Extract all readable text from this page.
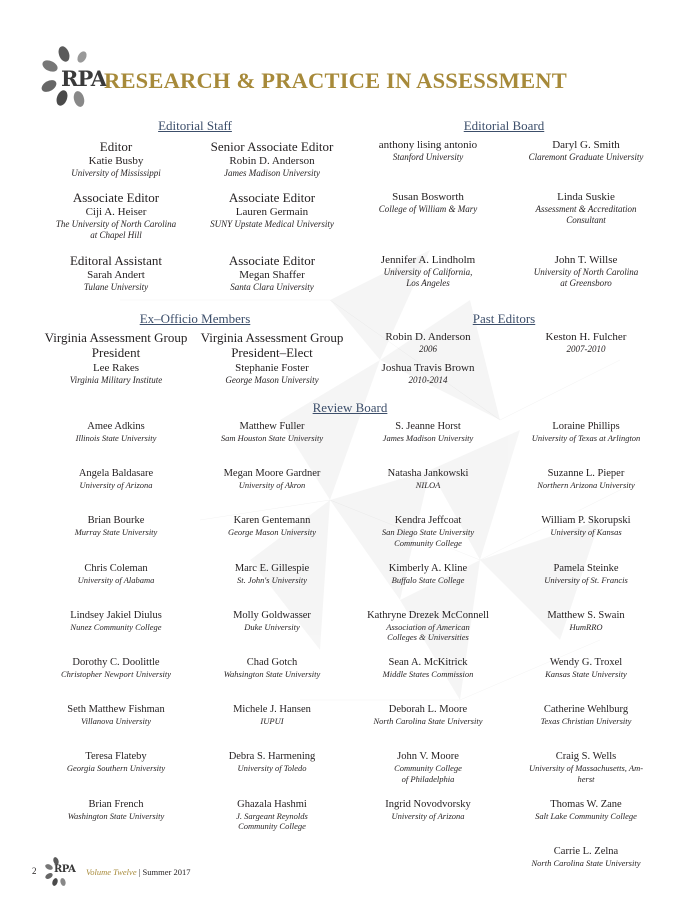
RPA
RESEARCH & PRACTICE IN ASSESSMENT
Editorial Staff	Editorial Board
Ex–Officio Members	Past Editors
Review Board
Editor
Katie Busby
University of Mississippi
Senior Associate Editor
Robin D. Anderson
James Madison University
Associate Editor
Ciji A. Heiser
The University of North Carolina
at Chapel Hill
Associate Editor
Lauren Germain
SUNY Upstate Medical University
Editoral Assistant
Sarah Andert
Tulane University
Associate Editor
Megan Shaffer
Santa Clara University
anthony lising antonio
Stanford University
Daryl G. Smith
Claremont Graduate University
Susan Bosworth
College of William & Mary
Linda Suskie
Assessment & Accreditation
Consultant
Jennifer A. Lindholm
University of California,
Los Angeles
John T. Willse
University of North Carolina
at Greensboro
Virginia Assessment Group
President
Lee Rakes
Virginia Military Institute
Virginia Assessment Group
President–Elect
Stephanie Foster
George Mason University
Robin D. Anderson
2006
Keston H. Fulcher
2007-2010
Joshua Travis Brown
2010-2014
Amee Adkins
Illinois State University
Angela Baldasare
University of Arizona
Brian Bourke
Murray State University
Chris Coleman
University of Alabama
Lindsey Jakiel Diulus
Nunez Community College
Dorothy C. Doolittle
Christopher Newport University
Seth Matthew Fishman
Villanova University
Teresa Flateby
Georgia Southern University
Brian French
Washington State University
Matthew Fuller
Sam Houston State University
Megan Moore Gardner
University of Akron
Karen Gentemann
George Mason University
Marc E. Gillespie
St. John's University
Molly Goldwasser
Duke University
Chad Gotch
Wahsington State University
Michele J. Hansen
IUPUI
Debra S. Harmening
University of Toledo
Ghazala Hashmi
J. Sargeant Reynolds
Community College
S. Jeanne Horst
James Madison University
Natasha Jankowski
NILOA
Kendra Jeffcoat
San Diego State University
Community College
Kimberly A. Kline
Buffalo State College
Kathryne Drezek McConnell
Association of American
Colleges & Universities
Sean A. McKitrick
Middle States Commission
Deborah L. Moore
North Carolina State University
John V. Moore
Community College
of Philadelphia
Ingrid Novodvorsky
University of Arizona
Loraine Phillips
University of Texas at Arlington
Suzanne L. Pieper
Northern Arizona University
William P. Skorupski
University of Kansas
Pamela Steinke
University of St. Francis
Matthew S. Swain
HumRRO
Wendy G. Troxel
Kansas State University
Catherine Wehlburg
Texas Christian University
Craig S. Wells
University of Massachusetts, Am-
herst
Thomas W. Zane
Salt Lake Community College
Carrie L. Zelna
North Carolina State University
2 RPA Volume Twelve | Summer 2017
